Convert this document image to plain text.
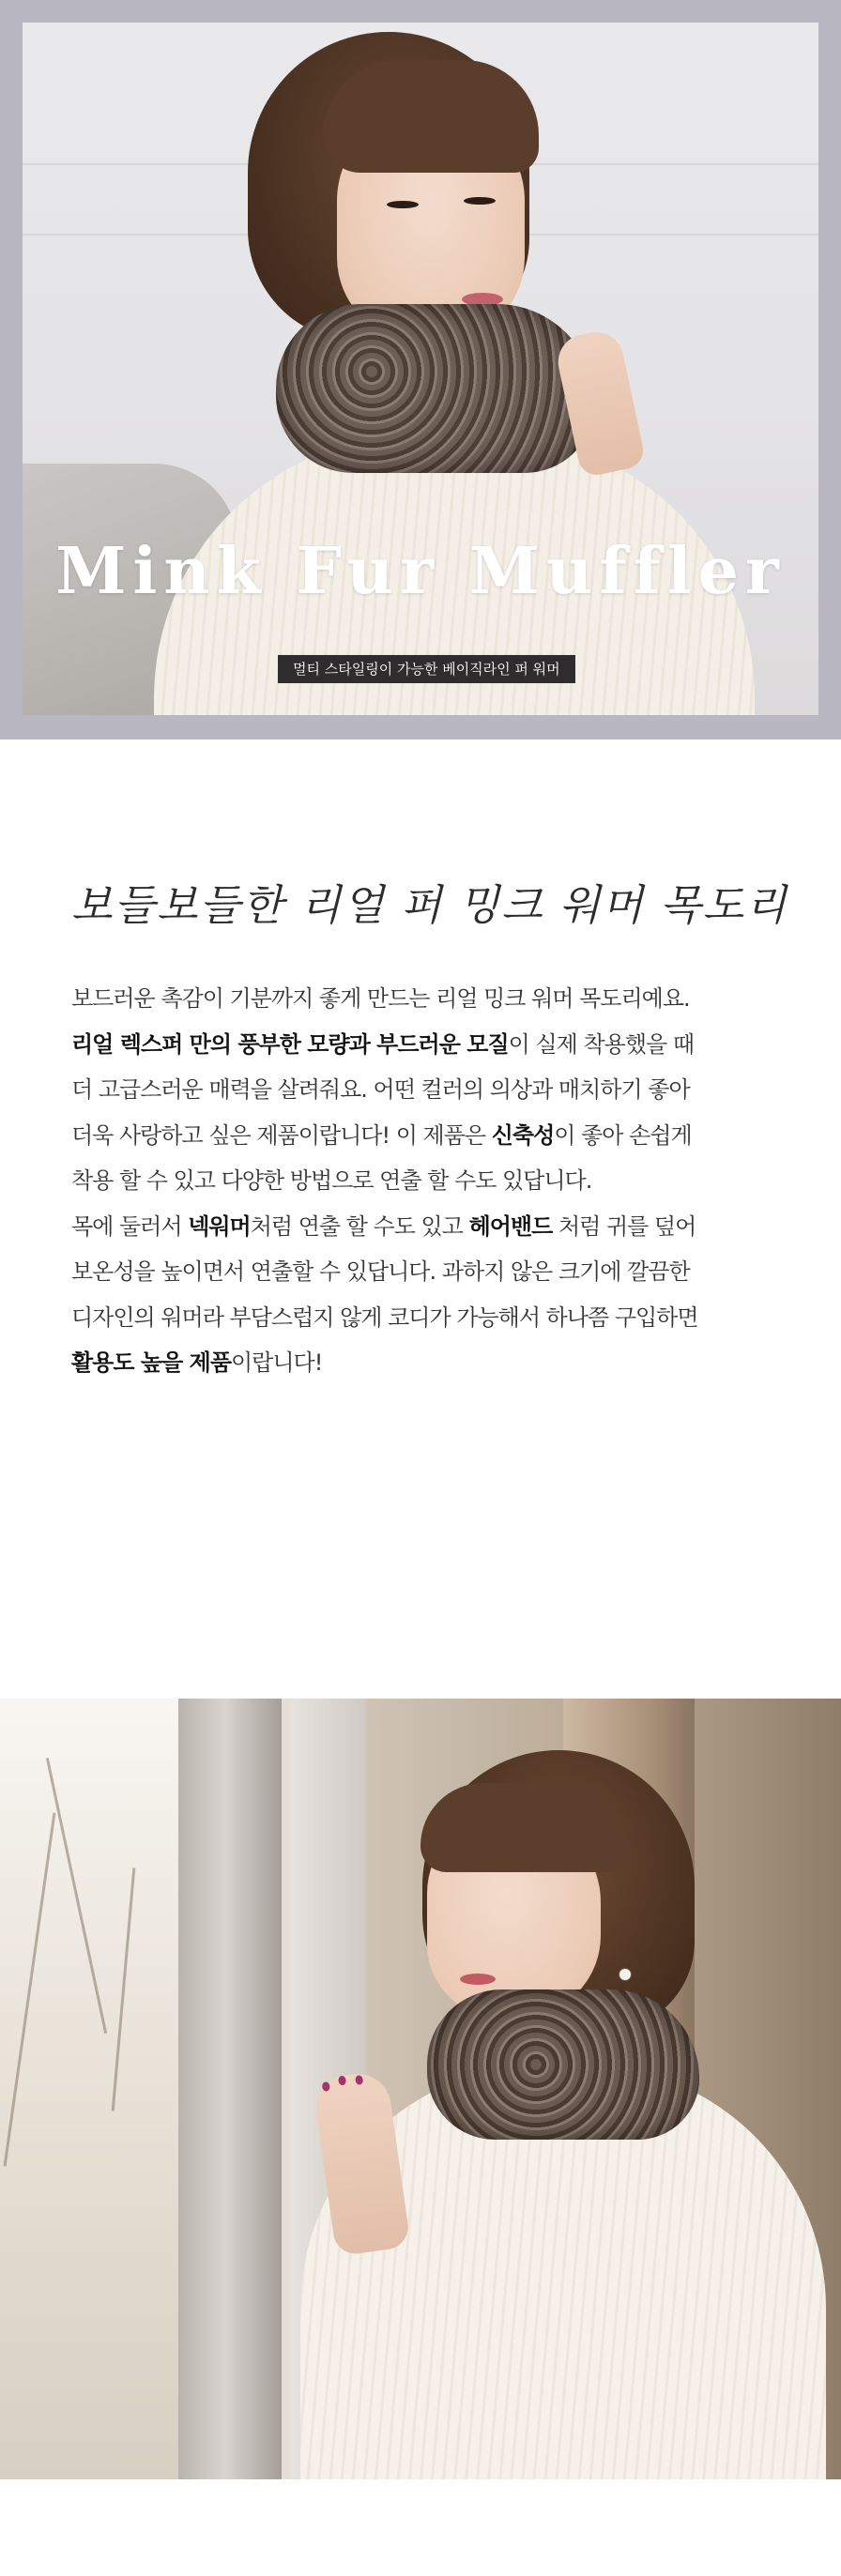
Mink Fur Muffler
멀티 스타일링이 가능한 베이직라인 퍼 워머
보들보들한 리얼 퍼 밍크 워머 목도리
보드러운 촉감이 기분까지 좋게 만드는 리얼 밍크 워머 목도리예요.
리얼 렉스퍼 만의 풍부한 모량과 부드러운 모질이 실제 착용했을 때
더 고급스러운 매력을 살려줘요. 어떤 컬러의 의상과 매치하기 좋아
더욱 사랑하고 싶은 제품이랍니다! 이 제품은 신축성이 좋아 손쉽게
착용 할 수 있고 다양한 방법으로 연출 할 수도 있답니다.
목에 둘러서 넥워머처럼 연출 할 수도 있고 헤어밴드 처럼 귀를 덮어
보온성을 높이면서 연출할 수 있답니다. 과하지 않은 크기에 깔끔한
디자인의 워머라 부담스럽지 않게 코디가 가능해서 하나쯤 구입하면
활용도 높을 제품이랍니다!
